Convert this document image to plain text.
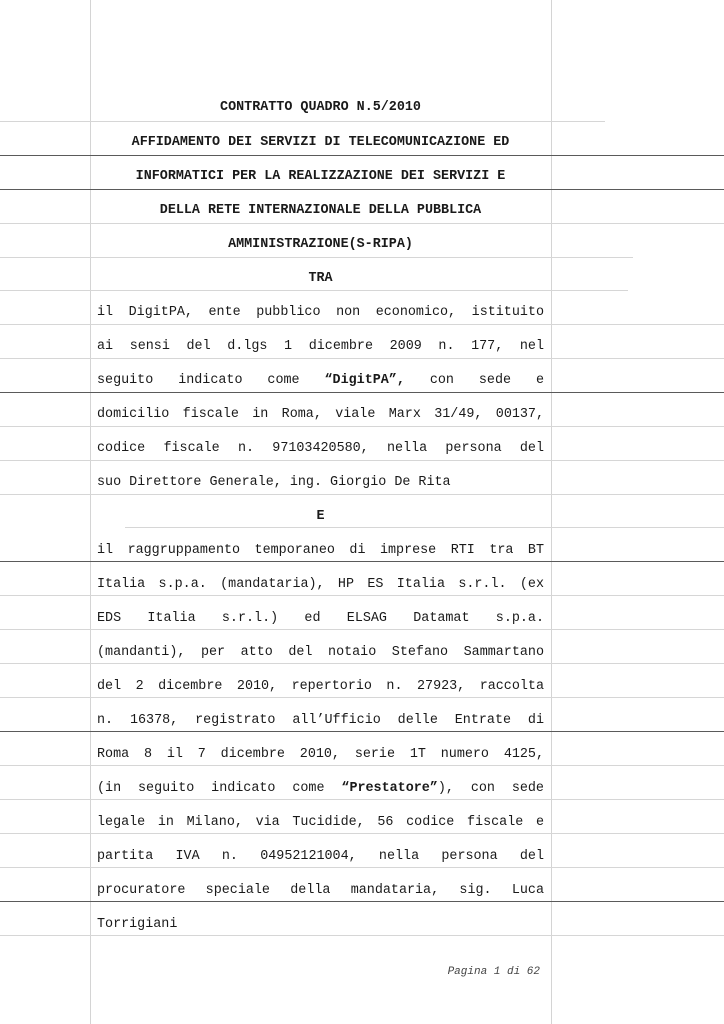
CONTRATTO QUADRO N.5/2010
AFFIDAMENTO DEI SERVIZI DI TELECOMUNICAZIONE ED
INFORMATICI PER LA REALIZZAZIONE DEI SERVIZI E
DELLA RETE INTERNAZIONALE DELLA PUBBLICA
AMMINISTRAZIONE(S-RIPA)
TRA
il DigitPA, ente pubblico non economico, istituito
ai sensi del d.lgs 1 dicembre 2009 n. 177, nel
seguito indicato come “DigitPA”, con sede e
domicilio fiscale in Roma, viale Marx 31/49, 00137,
codice fiscale n. 97103420580, nella persona del
suo Direttore Generale, ing. Giorgio De Rita
E
il raggruppamento temporaneo di imprese RTI tra BT
Italia s.p.a. (mandataria), HP ES Italia s.r.l. (ex
EDS Italia s.r.l.) ed ELSAG Datamat s.p.a.
(mandanti), per atto del notaio Stefano Sammartano
del 2 dicembre 2010, repertorio n. 27923, raccolta
n. 16378, registrato all’Ufficio delle Entrate di
Roma 8 il 7 dicembre 2010, serie 1T numero 4125,
(in seguito indicato come “Prestatore”), con sede
legale in Milano, via Tucidide, 56 codice fiscale e
partita IVA n. 04952121004, nella persona del
procuratore speciale della mandataria, sig. Luca
Torrigiani
Pagina 1 di 62
